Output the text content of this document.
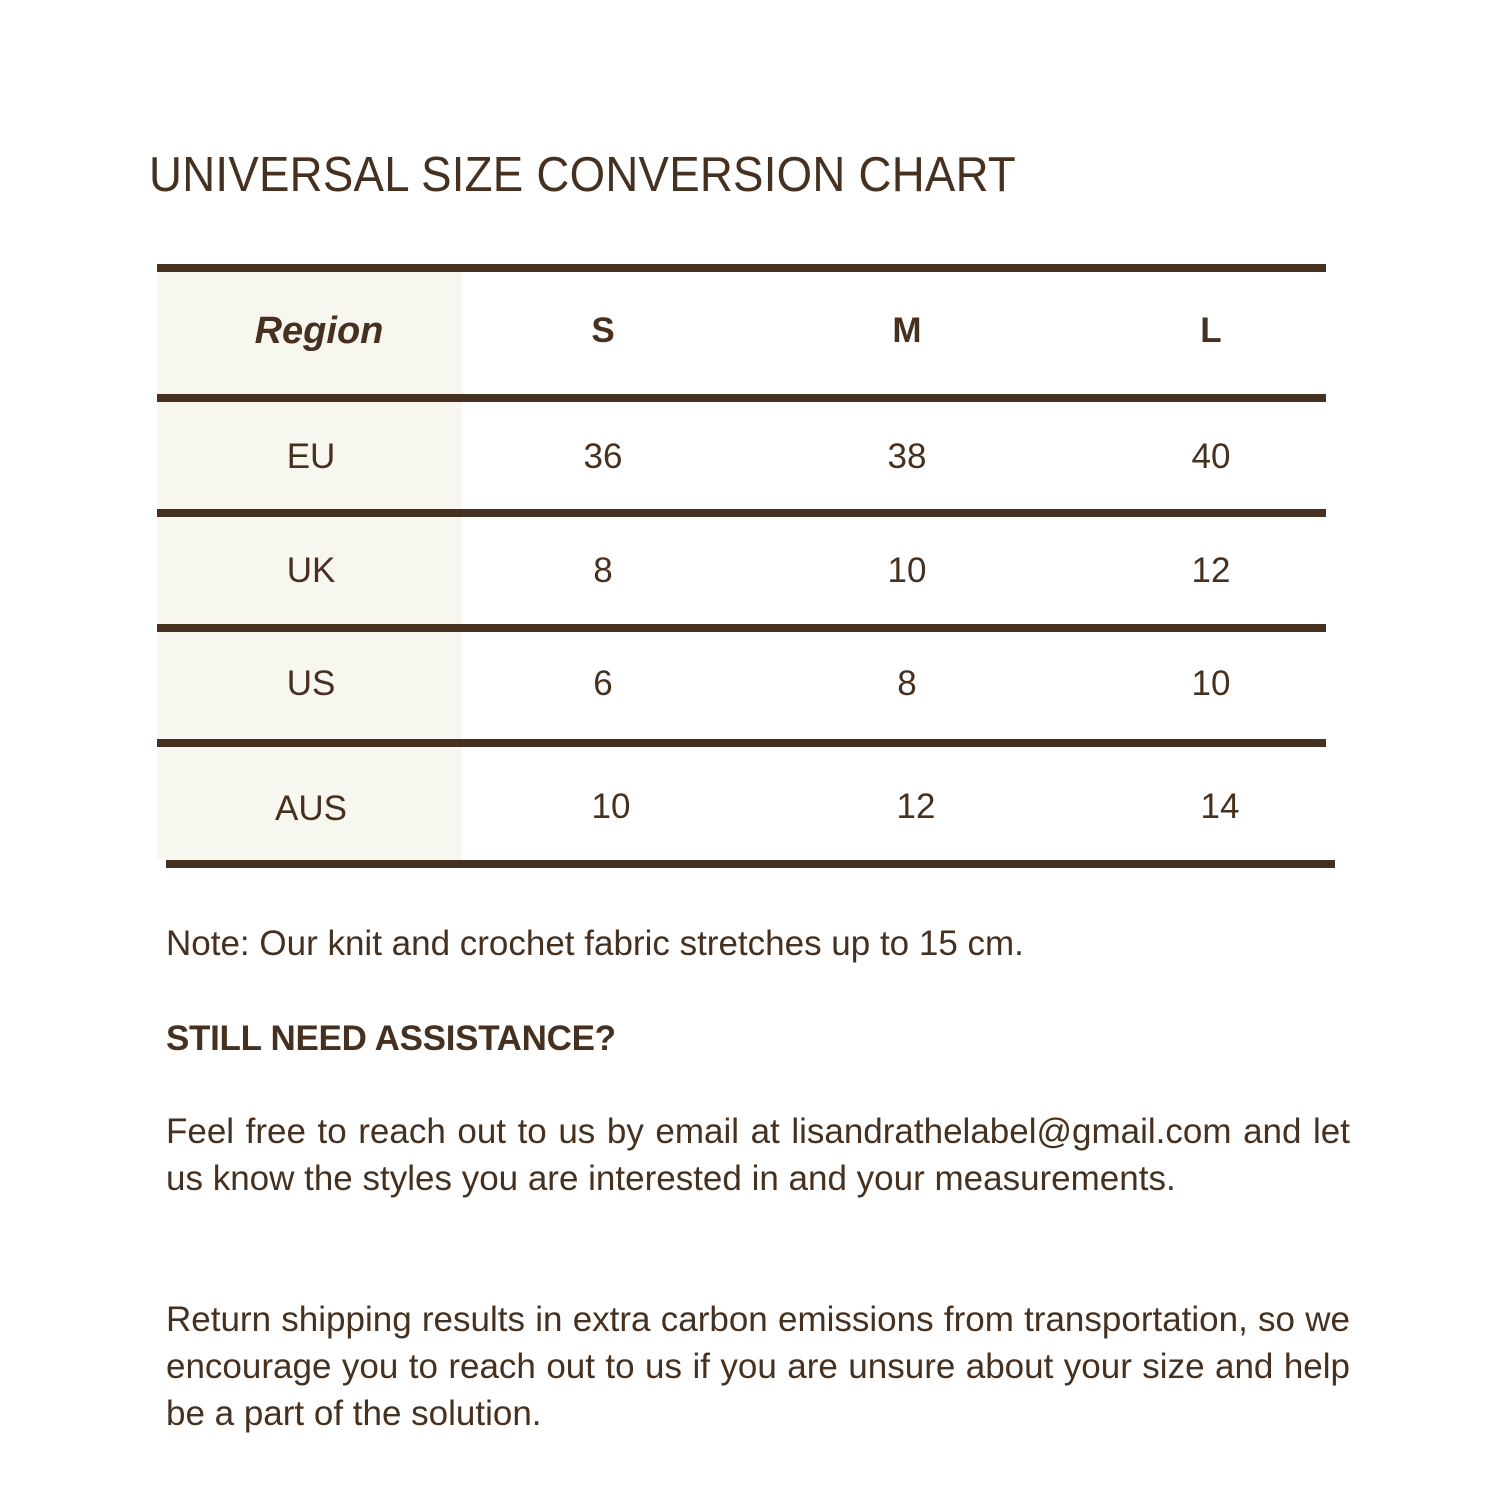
UNIVERSAL SIZE CONVERSION CHART
Region	S	M	L
EU	36	38	40
UK	8	10	12
US	6	8	10
AUS	10	12	14

Note: Our knit and crochet fabric stretches up to 15 cm.

STILL NEED ASSISTANCE?

Feel free to reach out to us by email at lisandrathelabel@gmail.com and let us know the styles you are interested in and your measurements.

Return shipping results in extra carbon emissions from transportation, so we encourage you to reach out to us if you are unsure about your size and help be a part of the solution.
